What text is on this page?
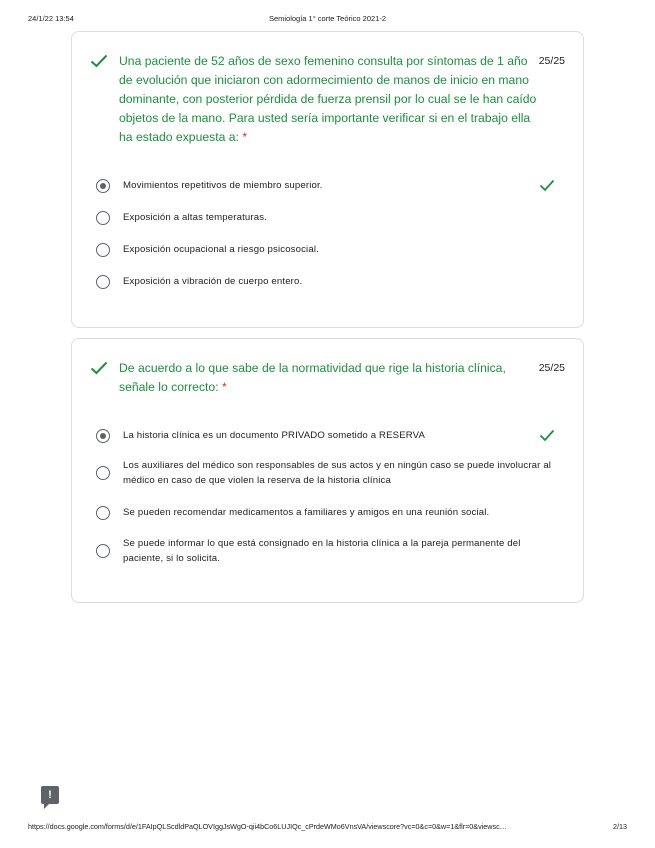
24/1/22 13:54	Semiología 1° corte Teórico 2021-2
Una paciente de 52 años de sexo femenino consulta por síntomas de 1 año de evolución que iniciaron con adormecimiento de manos de inicio en mano dominante, con posterior pérdida de fuerza prensil por lo cual se le han caído objetos de la mano. Para usted sería importante verificar si en el trabajo ella ha estado expuesta a: *
25/25
Movimientos repetitivos de miembro superior.
Exposición a altas temperaturas.
Exposición ocupacional a riesgo psicosocial.
Exposición a vibración de cuerpo entero.
De acuerdo a lo que sabe de la normatividad que rige la historia clínica, señale lo correcto: *
25/25
La historia clínica es un documento PRIVADO sometido a RESERVA
Los auxiliares del médico son responsables de sus actos y en ningún caso se puede involucrar al médico en caso de que violen la reserva de la historia clínica
Se pueden recomendar medicamentos a familiares y amigos en una reunión social.
Se puede informar lo que está consignado en la historia clínica a la pareja permanente del paciente, si lo solicita.
!
https://docs.google.com/forms/d/e/1FAIpQLScdldPaQLOVIggJsWgO-qii4bCo6LUJIQc_cPrdeWMo6VnsVA/viewscore?vc=0&c=0&w=1&flr=0&viewsc…	2/13
